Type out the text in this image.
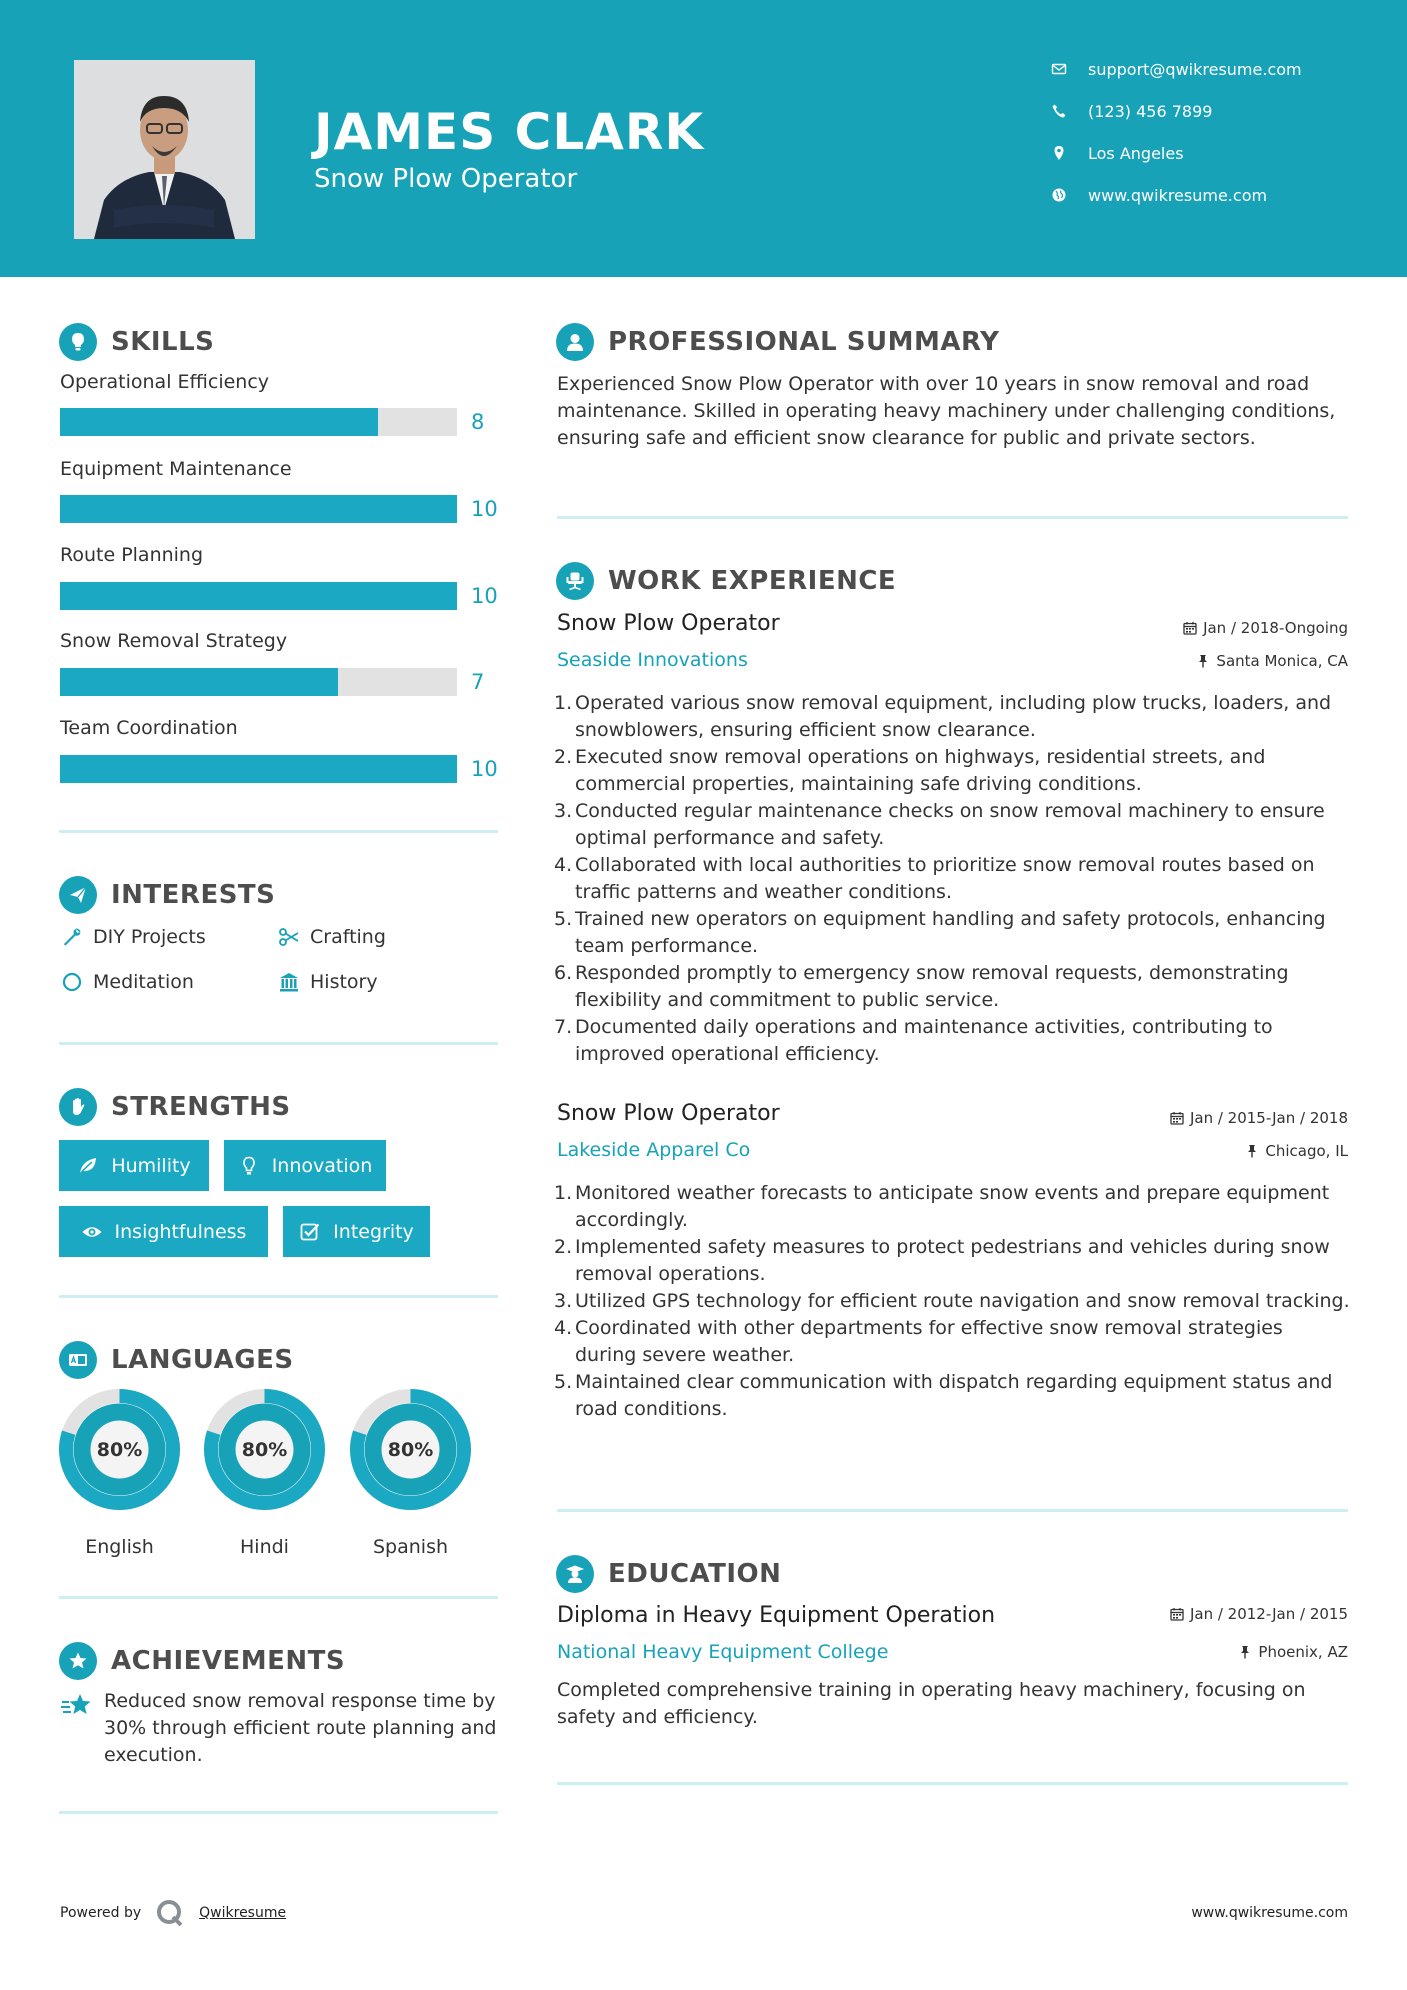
JAMES CLARK
Snow Plow Operator
support@qwikresume.com
(123) 456 7899
Los Angeles
www.qwikresume.com
SKILLS
Operational Efficiency
8
Equipment Maintenance
10
Route Planning
10
Snow Removal Strategy
7
Team Coordination
10
INTERESTS
DIY Projects	Crafting
Meditation	History
STRENGTHS
Humility	Innovation
Insightfulness	Integrity
LANGUAGES
80%
English
80%
Hindi
80%
Spanish
ACHIEVEMENTS
Reduced snow removal response time by 30% through efficient route planning and execution.
PROFESSIONAL SUMMARY
Experienced Snow Plow Operator with over 10 years in snow removal and road maintenance. Skilled in operating heavy machinery under challenging conditions, ensuring safe and efficient snow clearance for public and private sectors.
WORK EXPERIENCE
Snow Plow Operator	Jan / 2018-Ongoing
Seaside Innovations	Santa Monica, CA
1. Operated various snow removal equipment, including plow trucks, loaders, and snowblowers, ensuring efficient snow clearance.
2. Executed snow removal operations on highways, residential streets, and commercial properties, maintaining safe driving conditions.
3. Conducted regular maintenance checks on snow removal machinery to ensure optimal performance and safety.
4. Collaborated with local authorities to prioritize snow removal routes based on traffic patterns and weather conditions.
5. Trained new operators on equipment handling and safety protocols, enhancing team performance.
6. Responded promptly to emergency snow removal requests, demonstrating flexibility and commitment to public service.
7. Documented daily operations and maintenance activities, contributing to improved operational efficiency.
Snow Plow Operator	Jan / 2015-Jan / 2018
Lakeside Apparel Co	Chicago, IL
1. Monitored weather forecasts to anticipate snow events and prepare equipment accordingly.
2. Implemented safety measures to protect pedestrians and vehicles during snow removal operations.
3. Utilized GPS technology for efficient route navigation and snow removal tracking.
4. Coordinated with other departments for effective snow removal strategies during severe weather.
5. Maintained clear communication with dispatch regarding equipment status and road conditions.
EDUCATION
Diploma in Heavy Equipment Operation	Jan / 2012-Jan / 2015
National Heavy Equipment College	Phoenix, AZ
Completed comprehensive training in operating heavy machinery, focusing on safety and efficiency.
Powered by	Qwikresume	www.qwikresume.com
